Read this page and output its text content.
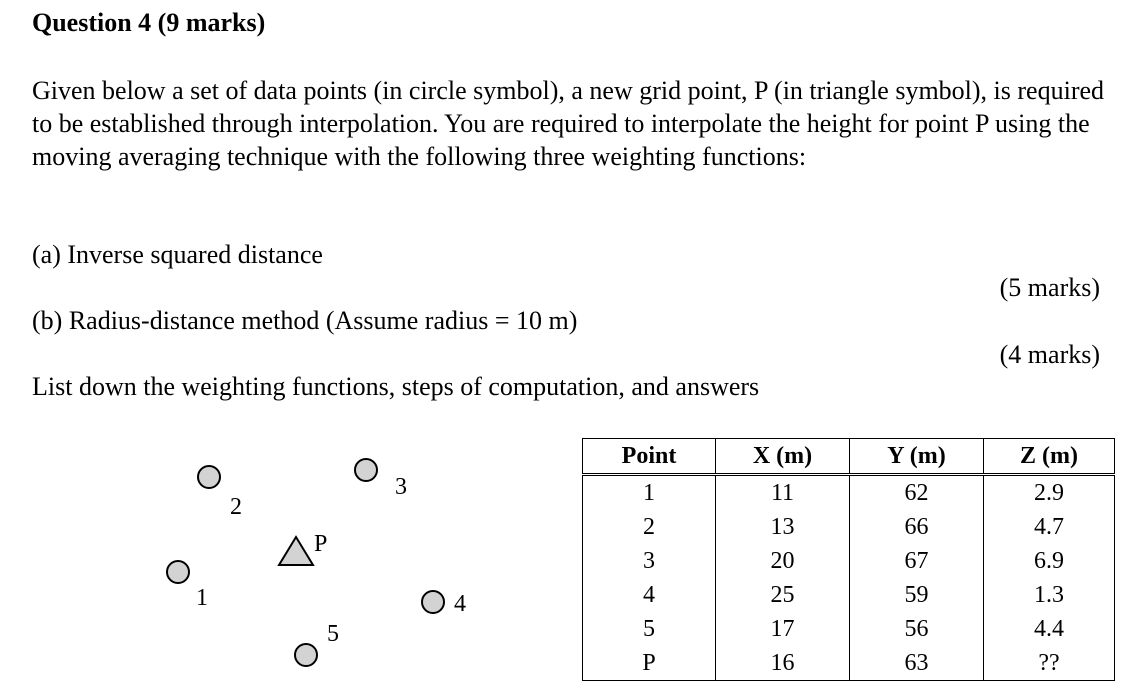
Question 4 (9 marks)
Given below a set of data points (in circle symbol), a new grid point, P (in triangle symbol), is required to be established through interpolation. You are required to interpolate the height for point P using the moving averaging technique with the following three weighting functions:
(a) Inverse squared distance
(5 marks)
(b) Radius-distance method (Assume radius = 10 m)
(4 marks)
List down the weighting functions, steps of computation, and answers
1
2
3
4
5
P
Point	X (m)	Y (m)	Z (m)
1	11	62	2.9
2	13	66	4.7
3	20	67	6.9
4	25	59	1.3
5	17	56	4.4
P	16	63	??
